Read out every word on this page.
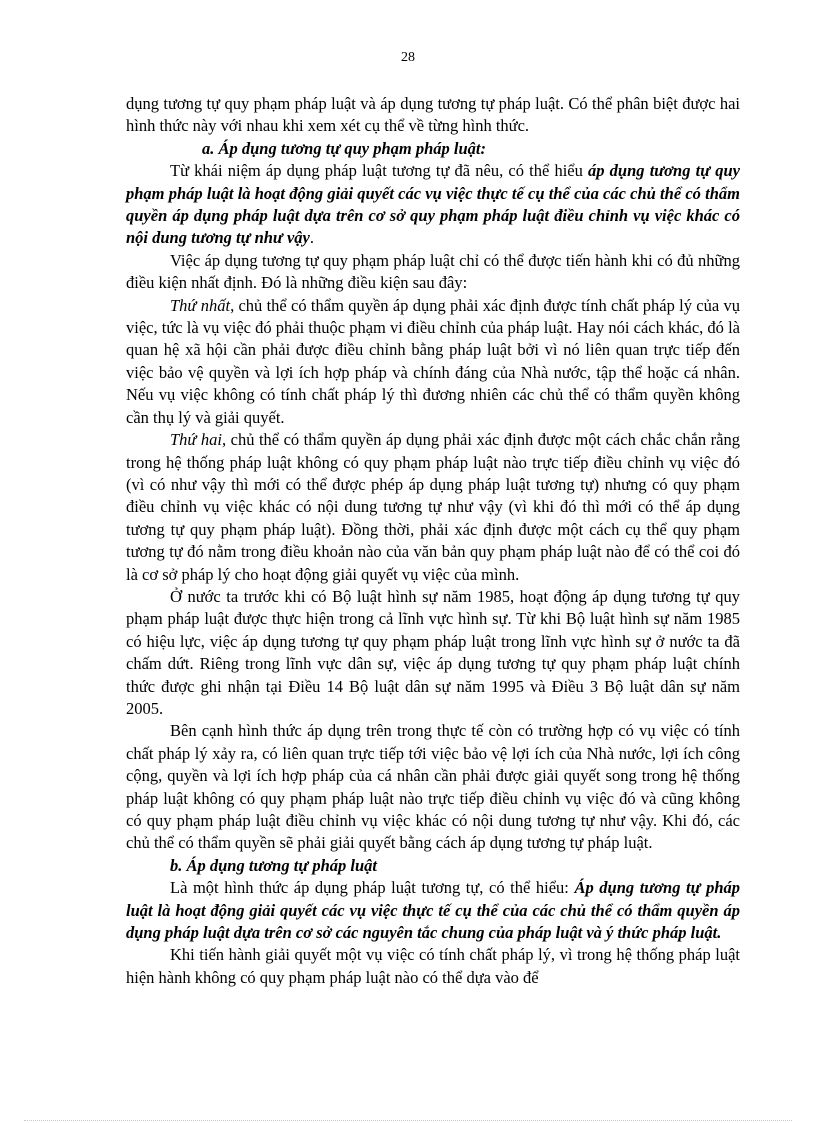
28

dụng tương tự quy phạm pháp luật và áp dụng tương tự pháp luật. Có thể phân biệt được hai hình thức này với nhau khi xem xét cụ thể về từng hình thức.

a. Áp dụng tương tự quy phạm pháp luật:

Từ khái niệm áp dụng pháp luật tương tự đã nêu, có thể hiểu áp dụng tương tự quy phạm pháp luật là hoạt động giải quyết các vụ việc thực tế cụ thể của các chủ thể có thẩm quyền áp dụng pháp luật dựa trên cơ sở quy phạm pháp luật điều chỉnh vụ việc khác có nội dung tương tự như vậy.

Việc áp dụng tương tự quy phạm pháp luật chỉ có thể được tiến hành khi có đủ những điều kiện nhất định. Đó là những điều kiện sau đây:

Thứ nhất, chủ thể có thẩm quyền áp dụng phải xác định được tính chất pháp lý của vụ việc, tức là vụ việc đó phải thuộc phạm vi điều chỉnh của pháp luật. Hay nói cách khác, đó là quan hệ xã hội cần phải được điều chỉnh bằng pháp luật bởi vì nó liên quan trực tiếp đến việc bảo vệ quyền và lợi ích hợp pháp và chính đáng của Nhà nước, tập thể hoặc cá nhân. Nếu vụ việc không có tính chất pháp lý thì đương nhiên các chủ thể có thẩm quyền không cần thụ lý và giải quyết.

Thứ hai, chủ thể có thẩm quyền áp dụng phải xác định được một cách chắc chắn rằng trong hệ thống pháp luật không có quy phạm pháp luật nào trực tiếp điều chỉnh vụ việc đó (vì có như vậy thì mới có thể được phép áp dụng pháp luật tương tự) nhưng có quy phạm điều chỉnh vụ việc khác có nội dung tương tự như vậy (vì khi đó thì mới có thể áp dụng tương tự quy phạm pháp luật). Đồng thời, phải xác định được một cách cụ thể quy phạm tương tự đó nằm trong điều khoản nào của văn bản quy phạm pháp luật nào để có thể coi đó là cơ sở pháp lý cho hoạt động giải quyết vụ việc của mình.

Ở nước ta trước khi có Bộ luật hình sự năm 1985, hoạt động áp dụng tương tự quy phạm pháp luật được thực hiện trong cả lĩnh vực hình sự. Từ khi Bộ luật hình sự năm 1985 có hiệu lực, việc áp dụng tương tự quy phạm pháp luật trong lĩnh vực hình sự ở nước ta đã chấm dứt. Riêng trong lĩnh vực dân sự, việc áp dụng tương tự quy phạm pháp luật chính thức được ghi nhận tại Điều 14 Bộ luật dân sự năm 1995 và Điều 3 Bộ luật dân sự năm 2005.

Bên cạnh hình thức áp dụng trên trong thực tế còn có trường hợp có vụ việc có tính chất pháp lý xảy ra, có liên quan trực tiếp tới việc bảo vệ lợi ích của Nhà nước, lợi ích công cộng, quyền và lợi ích hợp pháp của cá nhân cần phải được giải quyết song trong hệ thống pháp luật không có quy phạm pháp luật nào trực tiếp điều chỉnh vụ việc đó và cũng không có quy phạm pháp luật điều chỉnh vụ việc khác có nội dung tương tự như vậy. Khi đó, các chủ thể có thẩm quyền sẽ phải giải quyết bằng cách áp dụng tương tự pháp luật.

b. Áp dụng tương tự pháp luật

Là một hình thức áp dụng pháp luật tương tự, có thể hiểu: Áp dụng tương tự pháp luật là hoạt động giải quyết các vụ việc thực tế cụ thể của các chủ thể có thẩm quyền áp dụng pháp luật dựa trên cơ sở các nguyên tắc chung của pháp luật và ý thức pháp luật.

Khi tiến hành giải quyết một vụ việc có tính chất pháp lý, vì trong hệ thống pháp luật hiện hành không có quy phạm pháp luật nào có thể dựa vào để
